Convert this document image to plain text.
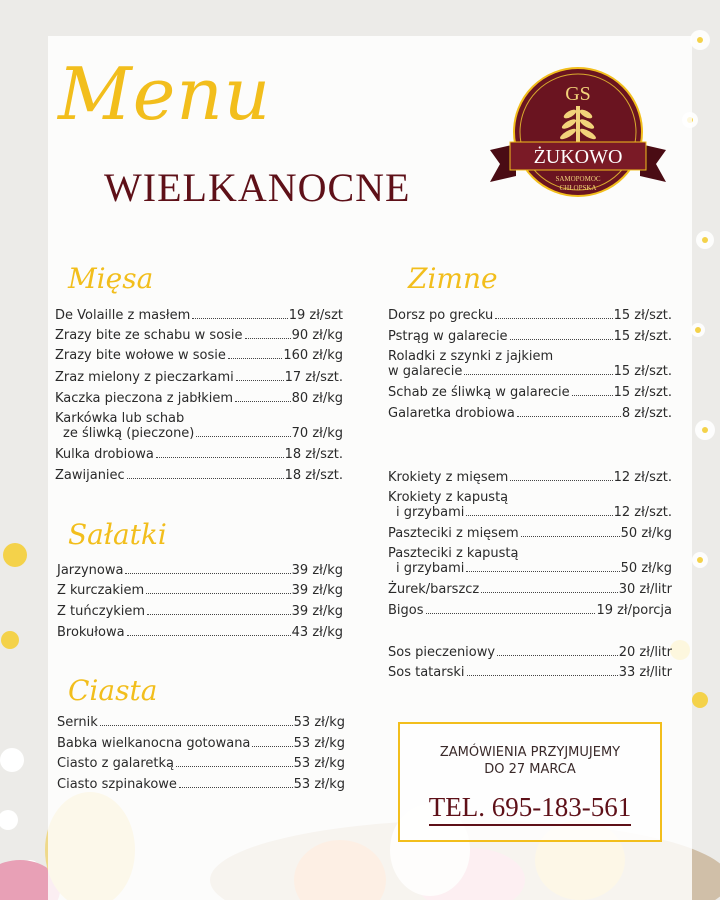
Menu
WIELKANOCNE
GS
ŻUKOWO
SAMOPOMOC
CHŁOPSKA
Mięsa	Zimne
Sałatki
Ciasta
De Volaille z masłem	19 zł/szt
Zrazy bite ze schabu w sosie	90 zł/kg
Zrazy bite wołowe w sosie	160 zł/kg
Zraz mielony z pieczarkami	17 zł/szt.
Kaczka pieczona z jabłkiem	80 zł/kg
Karkówka lub schab
ze śliwką (pieczone)	70 zł/kg
Kulka drobiowa	18 zł/szt.
Zawijaniec	18 zł/szt.
Jarzynowa	39 zł/kg
Z kurczakiem	39 zł/kg
Z tuńczykiem	39 zł/kg
Brokułowa	43 zł/kg
Sernik	53 zł/kg
Babka wielkanocna gotowana	53 zł/kg
Ciasto z galaretką	53 zł/kg
Ciasto szpinakowe	53 zł/kg
Dorsz po grecku	15 zł/szt.
Pstrąg w galarecie	15 zł/szt.
Roladki z szynki z jajkiem
w galarecie	15 zł/szt.
Schab ze śliwką w galarecie	15 zł/szt.
Galaretka drobiowa	8 zł/szt.
Krokiety z mięsem	12 zł/szt.
Krokiety z kapustą
i grzybami	12 zł/szt.
Paszteciki z mięsem	50 zł/kg
Paszteciki z kapustą
i grzybami	50 zł/kg
Żurek/barszcz	30 zł/litr
Bigos	19 zł/porcja
Sos pieczeniowy	20 zł/litr
Sos tatarski	33 zł/litr
ZAMÓWIENIA PRZYJMUJEMY
DO 27 MARCA
TEL. 695-183-561
